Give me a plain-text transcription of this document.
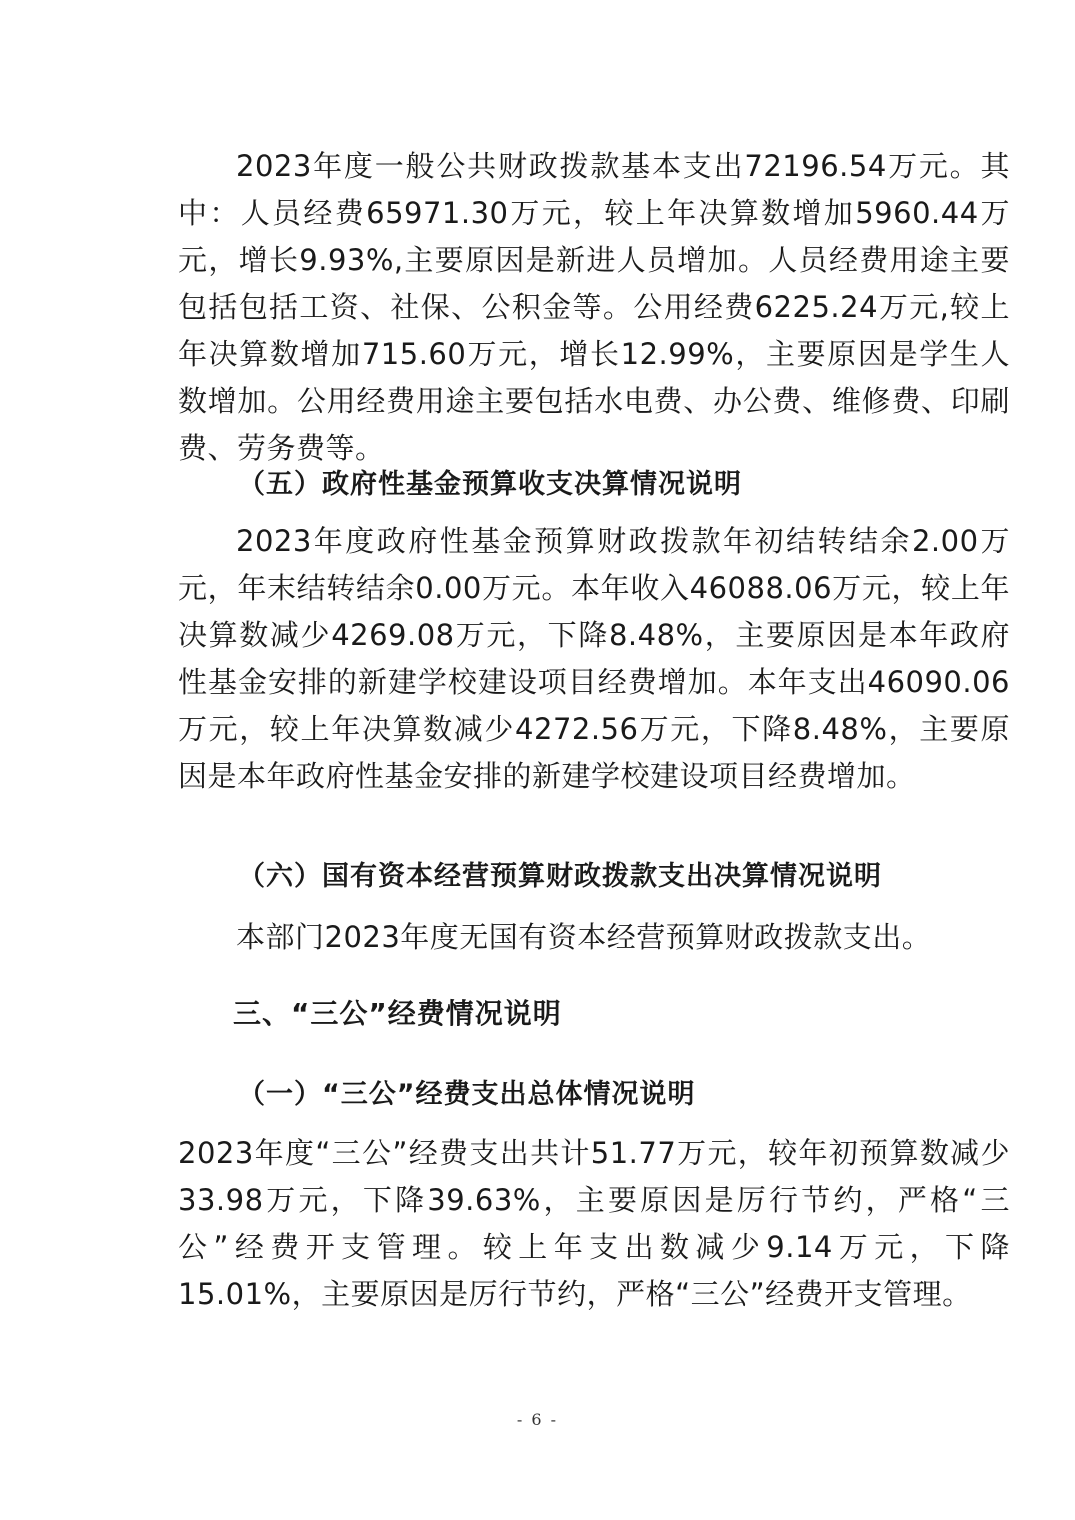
2023年度一般公共财政拨款基本支出72196.54万元。其中：人员经费65971.30万元，较上年决算数增加5960.44万元，增长9.93%,主要原因是新进人员增加。人员经费用途主要包括包括工资、社保、公积金等。公用经费6225.24万元,较上年决算数增加715.60万元，增长12.99%，主要原因是学生人数增加。公用经费用途主要包括水电费、办公费、维修费、印刷费、劳务费等。

（五）政府性基金预算收支决算情况说明

2023年度政府性基金预算财政拨款年初结转结余2.00万元，年末结转结余0.00万元。本年收入46088.06万元，较上年决算数减少4269.08万元，下降8.48%，主要原因是本年政府性基金安排的新建学校建设项目经费增加。本年支出46090.06万元，较上年决算数减少4272.56万元，下降8.48%，主要原因是本年政府性基金安排的新建学校建设项目经费增加。

（六）国有资本经营预算财政拨款支出决算情况说明

本部门2023年度无国有资本经营预算财政拨款支出。

三、“三公”经费情况说明

（一）“三公”经费支出总体情况说明

2023年度“三公”经费支出共计51.77万元，较年初预算数减少33.98万元，下降39.63%，主要原因是厉行节约，严格“三公”经费开支管理。较上年支出数减少9.14万元，下降15.01%，主要原因是厉行节约，严格“三公”经费开支管理。

- 6 -
